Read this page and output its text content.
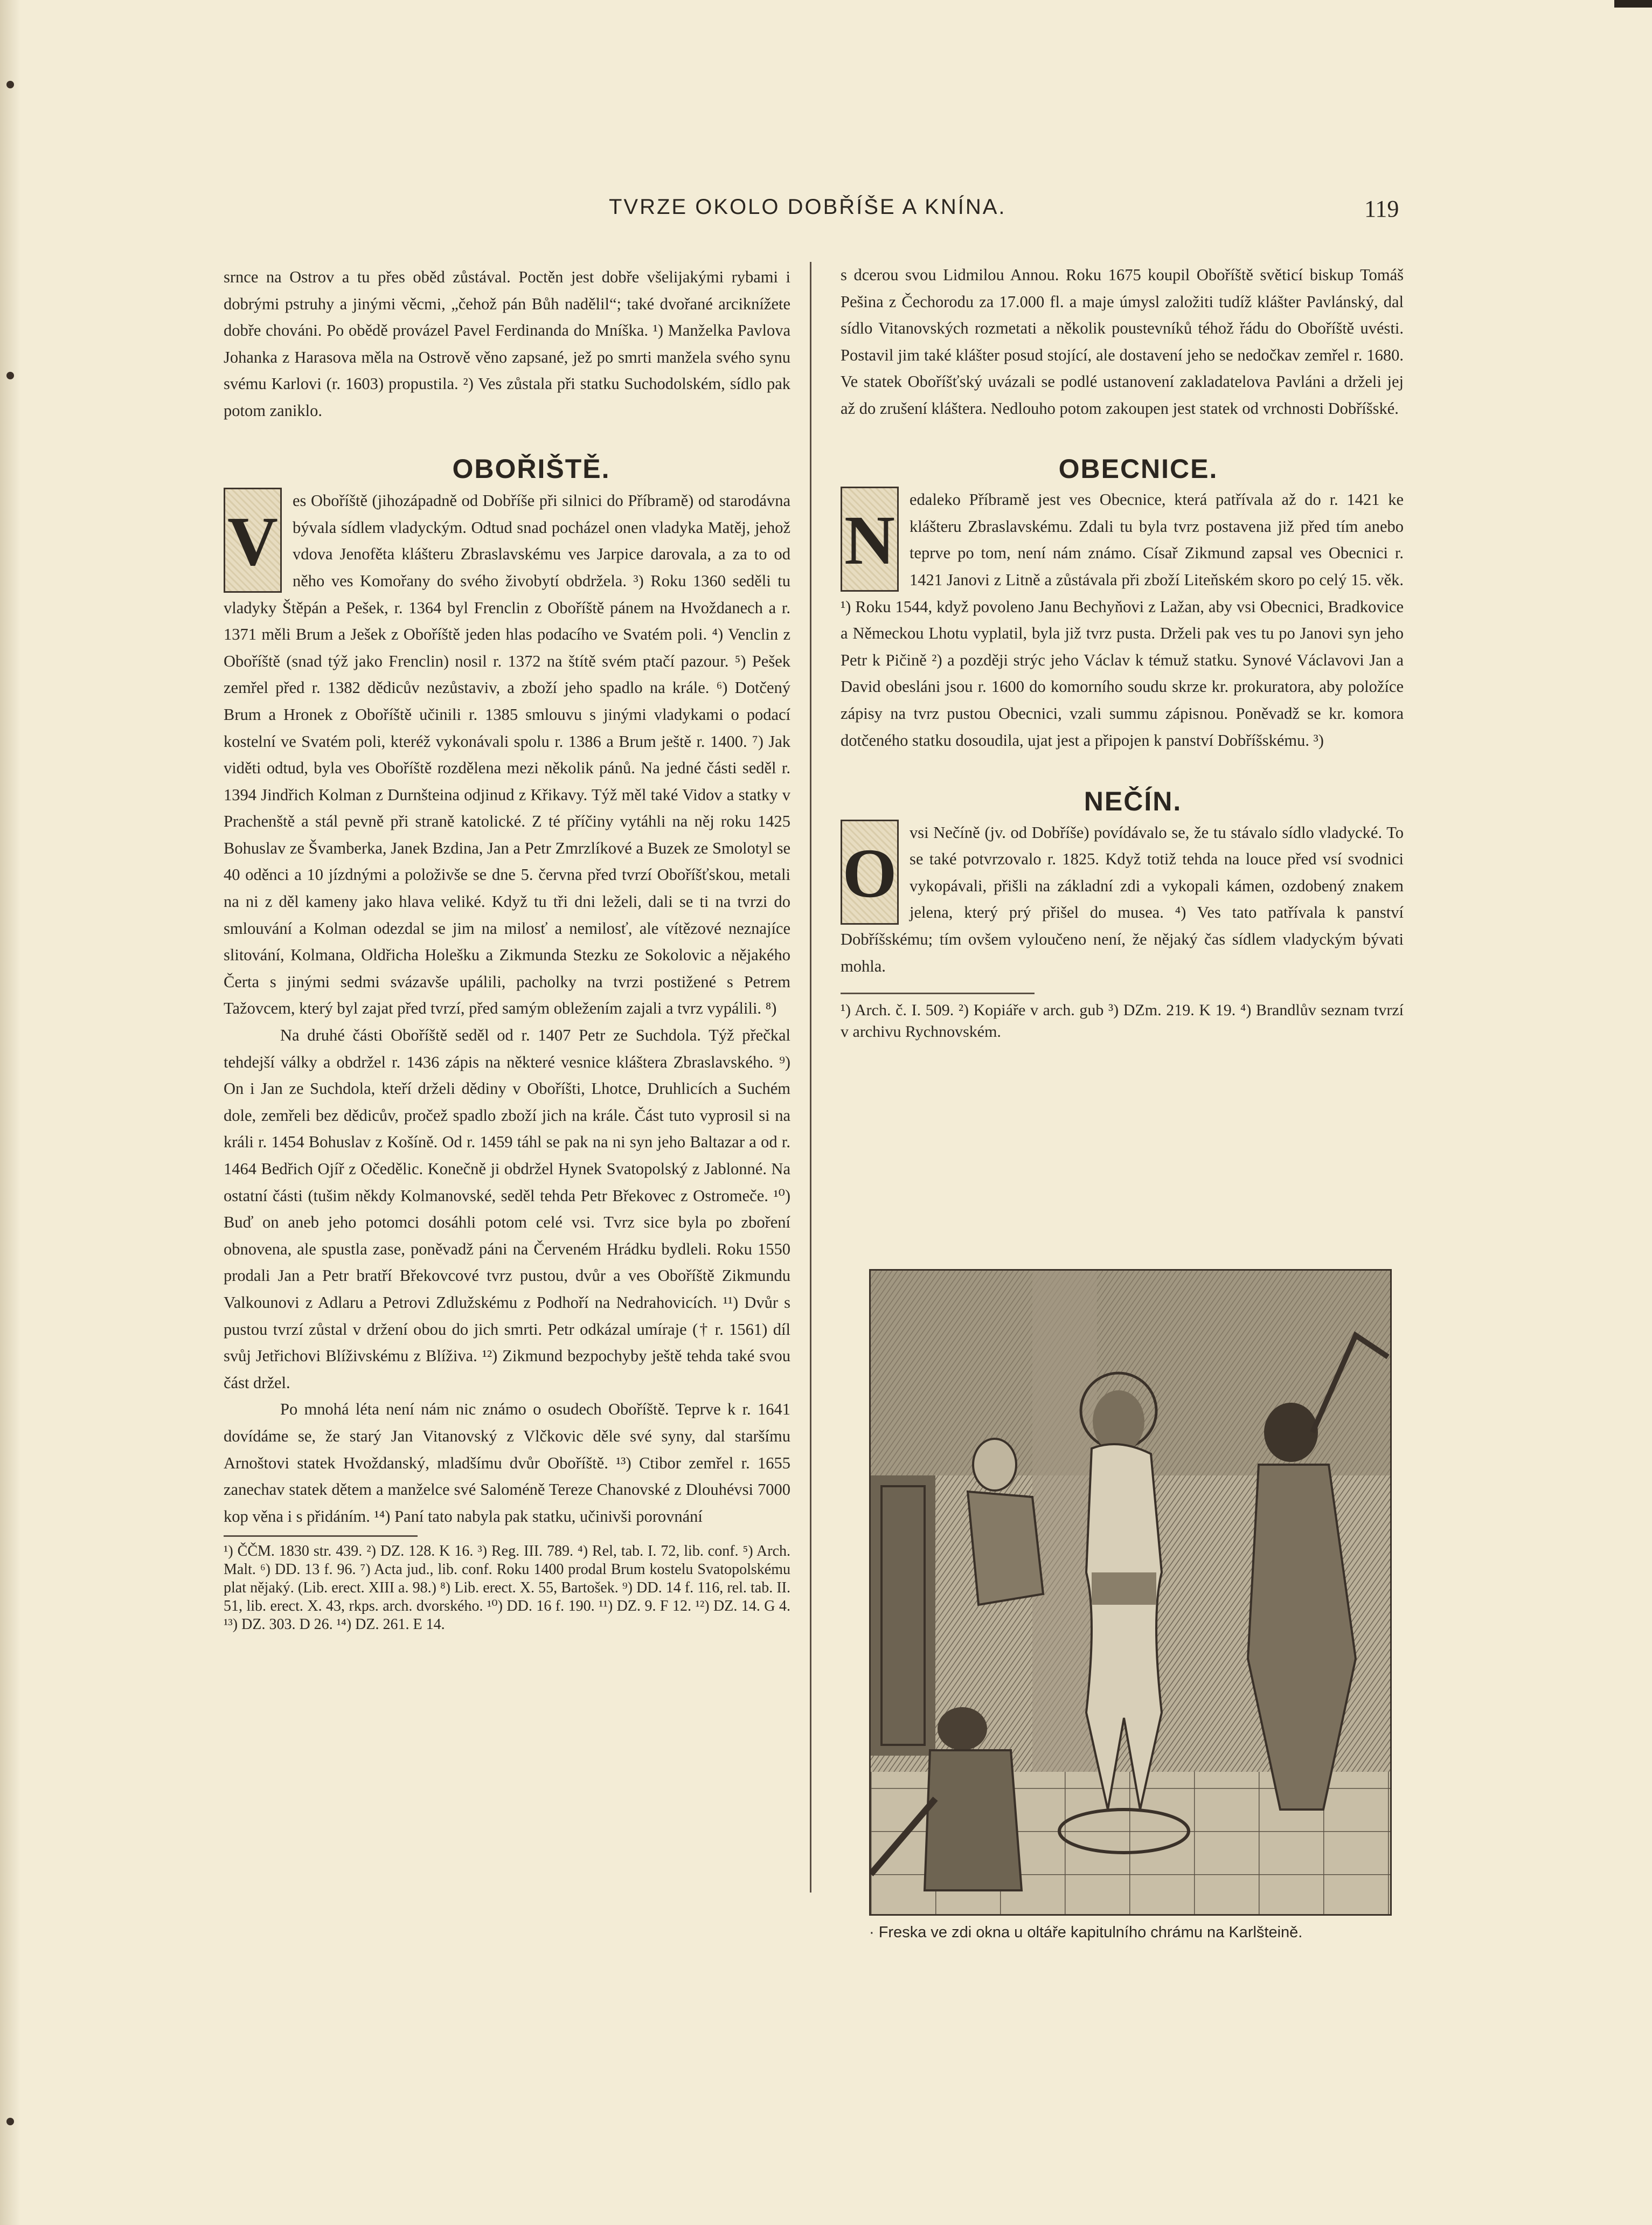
TVRZE OKOLO DOBŘÍŠE A KNÍNA.	119

srnce na Ostrov a tu přes oběd zůstával. Poctěn jest dobře všelijakými rybami i dobrými pstruhy a jinými věcmi, „čehož pán Bůh nadělil“; také dvořané arciknížete dobře chováni. Po obědě provázel Pavel Ferdinanda do Mníška. ¹) Manželka Pavlova Johanka z Harasova měla na Ostrově věno zapsané, jež po smrti manžela svého synu svému Karlovi (r. 1603) propustila. ²) Ves zůstala při statku Suchodolském, sídlo pak potom zaniklo.

OBOŘIŠTĚ.

V

es Oboříště (jihozápadně od Dobříše při silnici do Příbramě) od starodávna bývala sídlem vladyckým. Odtud snad pocházel onen vladyka Matěj, jehož vdova Jenofěta klášteru Zbraslavskému ves Jarpice darovala, a za to od něho ves Komořany do svého živobytí obdržela. ³) Roku 1360 seděli tu vladyky Štěpán a Pešek, r. 1364 byl Frenclin z Oboříště pánem na Hvoždanech a r. 1371 měli Brum a Ješek z Oboříště jeden hlas podacího ve Svatém poli. ⁴) Venclin z Oboříště (snad týž jako Frenclin) nosil r. 1372 na štítě svém ptačí pazour. ⁵) Pešek zemřel před r. 1382 dědicův nezůstaviv, a zboží jeho spadlo na krále. ⁶) Dotčený Brum a Hronek z Oboříště učinili r. 1385 smlouvu s jinými vladykami o podací kostelní ve Svatém poli, kteréž vykonávali spolu r. 1386 a Brum ještě r. 1400. ⁷) Jak viděti odtud, byla ves Oboříště rozdělena mezi několik pánů. Na jedné části seděl r. 1394 Jindřich Kolman z Durnšteina odjinud z Křikavy. Týž měl také Vidov a statky v Prachenště a stál pevně při straně katolické. Z té příčiny vytáhli na něj roku 1425 Bohuslav ze Švamberka, Janek Bzdina, Jan a Petr Zmrzlíkové a Buzek ze Smolotyl se 40 oděnci a 10 jízdnými a položivše se dne 5. června před tvrzí Oboříšťskou, metali na ni z děl kameny jako hlava veliké. Když tu tři dni leželi, dali se ti na tvrzi do smlouvání a Kolman odezdal se jim na milosť a nemilosť, ale vítězové neznajíce slitování, Kolmana, Oldřicha Holešku a Zikmunda Stezku ze Sokolovic a nějakého Čerta s jinými sedmi svázavše upálili, pacholky na tvrzi postižené s Petrem Tažovcem, který byl zajat před tvrzí, před samým obležením zajali a tvrz vypálili. ⁸)

Na druhé části Oboříště seděl od r. 1407 Petr ze Suchdola. Týž přečkal tehdejší války a obdržel r. 1436 zápis na některé vesnice kláštera Zbraslavského. ⁹) On i Jan ze Suchdola, kteří drželi dědiny v Oboříšti, Lhotce, Druhlicích a Suchém dole, zemřeli bez dědicův, pročež spadlo zboží jich na krále. Část tuto vyprosil si na králi r. 1454 Bohuslav z Košíně. Od r. 1459 táhl se pak na ni syn jeho Baltazar a od r. 1464 Bedřich Ojíř z Očedělic. Konečně ji obdržel Hynek Svatopolský z Jablonné. Na ostatní části (tušim někdy Kolmanovské, seděl tehda Petr Břekovec z Ostromeče. ¹⁰) Buď on aneb jeho potomci dosáhli potom celé vsi. Tvrz sice byla po zboření obnovena, ale spustla zase, poněvadž páni na Červeném Hrádku bydleli. Roku 1550 prodali Jan a Petr bratří Břekovcové tvrz pustou, dvůr a ves Oboříště Zikmundu Valkounovi z Adlaru a Petrovi Zdlužskému z Podhoří na Nedrahovicích. ¹¹) Dvůr s pustou tvrzí zůstal v držení obou do jich smrti. Petr odkázal umíraje († r. 1561) díl svůj Jetřichovi Blíživskému z Blíživa. ¹²) Zikmund bezpochyby ještě tehda také svou část držel.

Po mnohá léta není nám nic známo o osudech Oboříště. Teprve k r. 1641 dovídáme se, že starý Jan Vitanovský z Vlčkovic děle své syny, dal staršímu Arnoštovi statek Hvoždanský, mladšímu dvůr Oboříště. ¹³) Ctibor zemřel r. 1655 zanechav statek dětem a manželce své Saloméně Tereze Chanovské z Dlouhévsi 7000 kop věna i s přidáním. ¹⁴) Paní tato nabyla pak statku, učinivši porovnání

¹) ČČM. 1830 str. 439. ²) DZ. 128. K 16. ³) Reg. III. 789. ⁴) Rel, tab. I. 72, lib. conf. ⁵) Arch. Malt. ⁶) DD. 13 f. 96. ⁷) Acta jud., lib. conf. Roku 1400 prodal Brum kostelu Svatopolskému plat nějaký. (Lib. erect. XIII a. 98.) ⁸) Lib. erect. X. 55, Bartošek. ⁹) DD. 14 f. 116, rel. tab. II. 51, lib. erect. X. 43, rkps. arch. dvorského. ¹⁰) DD. 16 f. 190. ¹¹) DZ. 9. F 12. ¹²) DZ. 14. G 4. ¹³) DZ. 303. D 26. ¹⁴) DZ. 261. E 14.

s dcerou svou Lidmilou Annou. Roku 1675 koupil Oboříště světicí biskup Tomáš Pešina z Čechorodu za 17.000 fl. a maje úmysl založiti tudíž klášter Pavlánský, dal sídlo Vitanovských rozmetati a několik poustevníků téhož řádu do Oboříště uvésti. Postavil jim také klášter posud stojící, ale dostavení jeho se nedočkav zemřel r. 1680. Ve statek Oboříšťský uvázali se podlé ustanovení zakladatelova Pavláni a drželi jej až do zrušení kláštera. Nedlouho potom zakoupen jest statek od vrchnosti Dobříšské.

OBECNICE.

N

edaleko Příbramě jest ves Obecnice, která patřívala až do r. 1421 ke klášteru Zbraslavskému. Zdali tu byla tvrz postavena již před tím anebo teprve po tom, není nám známo. Císař Zikmund zapsal ves Obecnici r. 1421 Janovi z Litně a zůstávala při zboží Liteňském skoro po celý 15. věk. ¹) Roku 1544, když povoleno Janu Bechyňovi z Lažan, aby vsi Obecnici, Bradkovice a Německou Lhotu vyplatil, byla již tvrz pusta. Drželi pak ves tu po Janovi syn jeho Petr k Pičině ²) a později strýc jeho Václav k témuž statku. Synové Václavovi Jan a David obesláni jsou r. 1600 do komorního soudu skrze kr. prokuratora, aby položíce zápisy na tvrz pustou Obecnici, vzali summu zápisnou. Poněvadž se kr. komora dotčeného statku dosoudila, ujat jest a připojen k panství Dobříšskému. ³)

NEČÍN.

O

vsi Nečíně (jv. od Dobříše) povídávalo se, že tu stávalo sídlo vladycké. To se také potvrzovalo r. 1825. Když totiž tehda na louce před vsí svodnici vykopávali, přišli na základní zdi a vykopali kámen, ozdobený znakem jelena, který prý přišel do musea. ⁴) Ves tato patřívala k panství Dobříšskému; tím ovšem vyloučeno není, že nějaký čas sídlem vladyckým bývati mohla.

¹) Arch. č. I. 509. ²) Kopiáře v arch. gub ³) DZm. 219. K 19. ⁴) Brandlův seznam tvrzí v archivu Rychnovském.

· Freska ve zdi okna u oltáře kapitulního chrámu na Karlšteině.
